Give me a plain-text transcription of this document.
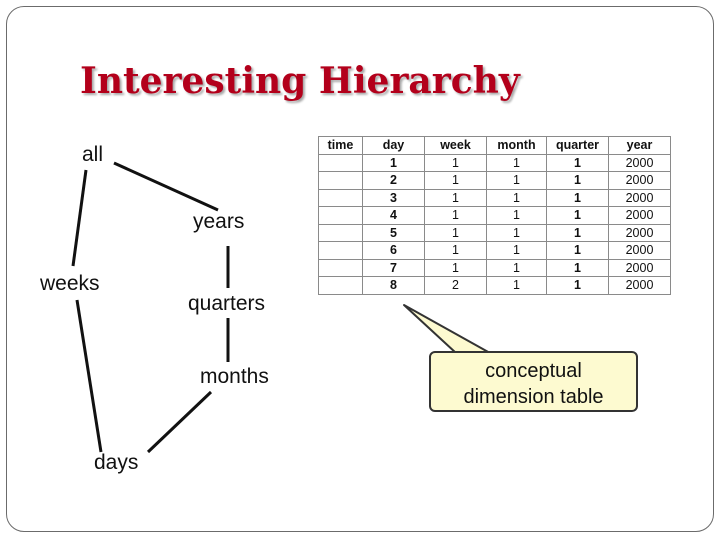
Interesting Hierarchy
all
years
weeks
quarters
months
days
time	day	week	month	quarter	year
	1	1	1	1	2000
	2	1	1	1	2000
	3	1	1	1	2000
	4	1	1	1	2000
	5	1	1	1	2000
	6	1	1	1	2000
	7	1	1	1	2000
	8	2	1	1	2000
conceptual
dimension table
